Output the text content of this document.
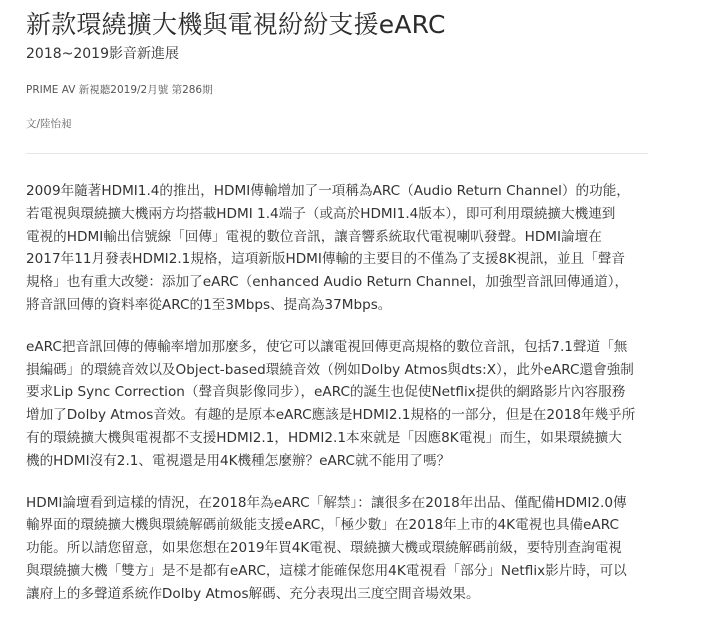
新款環繞擴大機與電視紛紛支援eARC
2018~2019影音新進展
PRIME AV 新視聽2019/2月號 第286期
文/陸怡昶

2009年隨著HDMI1.4的推出，HDMI傳輸增加了一項稱為ARC（Audio Return Channel）的功能，
若電視與環繞擴大機兩方均搭載HDMI 1.4端子（或高於HDMI1.4版本），即可利用環繞擴大機連到
電視的HDMI輸出信號線「回傳」電視的數位音訊，讓音響系統取代電視喇叭發聲。HDMI論壇在
2017年11月發表HDMI2.1規格，這項新版HDMI傳輸的主要目的不僅為了支援8K視訊，並且「聲音
規格」也有重大改變：添加了eARC（enhanced Audio Return Channel，加強型音訊回傳通道），
將音訊回傳的資料率從ARC的1至3Mbps、提高為37Mbps。

eARC把音訊回傳的傳輸率增加那麼多，使它可以讓電視回傳更高規格的數位音訊，包括7.1聲道「無
損編碼」的環繞音效以及Object-based環繞音效（例如Dolby Atmos與dts:X），此外eARC還會強制
要求Lip Sync Correction（聲音與影像同步），eARC的誕生也促使Netflix提供的網路影片內容服務
增加了Dolby Atmos音效。有趣的是原本eARC應該是HDMI2.1規格的一部分，但是在2018年幾乎所
有的環繞擴大機與電視都不支援HDMI2.1，HDMI2.1本來就是「因應8K電視」而生，如果環繞擴大
機的HDMI沒有2.1、電視還是用4K機種怎麼辦？eARC就不能用了嗎？

HDMI論壇看到這樣的情況，在2018年為eARC「解禁」：讓很多在2018年出品、僅配備HDMI2.0傳
輸界面的環繞擴大機與環繞解碼前級能支援eARC，「極少數」在2018年上市的4K電視也具備eARC
功能。所以請您留意，如果您想在2019年買4K電視、環繞擴大機或環繞解碼前級，要特別查詢電視
與環繞擴大機「雙方」是不是都有eARC，這樣才能確保您用4K電視看「部分」Netflix影片時，可以
讓府上的多聲道系統作Dolby Atmos解碼、充分表現出三度空間音場效果。
